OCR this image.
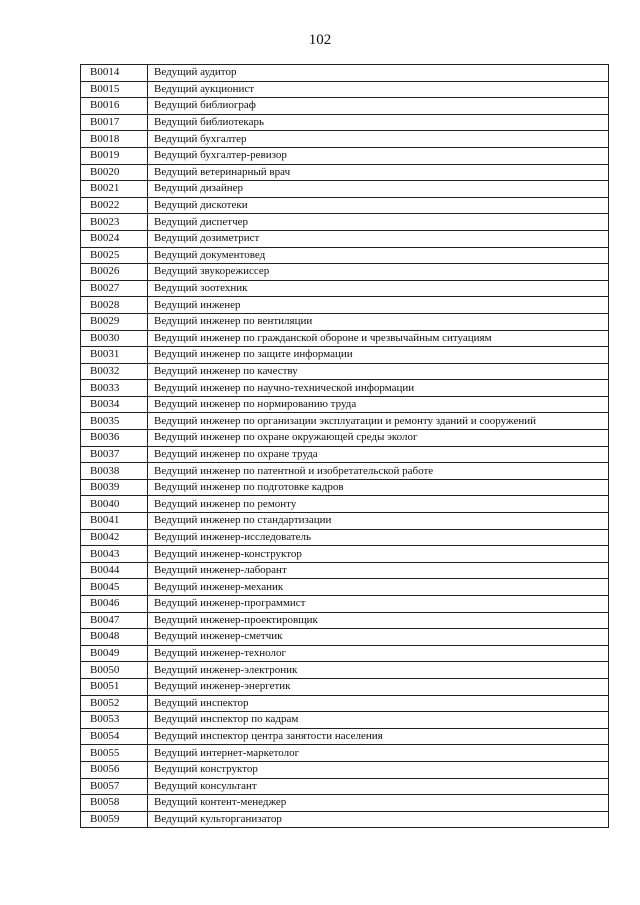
102
B0014	Ведущий аудитор
B0015	Ведущий аукционист
B0016	Ведущий библиограф
B0017	Ведущий библиотекарь
B0018	Ведущий бухгалтер
B0019	Ведущий бухгалтер-ревизор
B0020	Ведущий ветеринарный врач
B0021	Ведущий дизайнер
B0022	Ведущий дискотеки
B0023	Ведущий диспетчер
B0024	Ведущий дозиметрист
B0025	Ведущий документовед
B0026	Ведущий звукорежиссер
B0027	Ведущий зоотехник
B0028	Ведущий инженер
B0029	Ведущий инженер по вентиляции
B0030	Ведущий инженер по гражданской обороне и чрезвычайным ситуациям
B0031	Ведущий инженер по защите информации
B0032	Ведущий инженер по качеству
B0033	Ведущий инженер по научно-технической информации
B0034	Ведущий инженер по нормированию труда
B0035	Ведущий инженер по организации эксплуатации и ремонту зданий и сооружений
B0036	Ведущий инженер по охране окружающей среды эколог
B0037	Ведущий инженер по охране труда
B0038	Ведущий инженер по патентной и изобретательской работе
B0039	Ведущий инженер по подготовке кадров
B0040	Ведущий инженер по ремонту
B0041	Ведущий инженер по стандартизации
B0042	Ведущий инженер-исследователь
B0043	Ведущий инженер-конструктор
B0044	Ведущий инженер-лаборант
B0045	Ведущий инженер-механик
B0046	Ведущий инженер-программист
B0047	Ведущий инженер-проектировщик
B0048	Ведущий инженер-сметчик
B0049	Ведущий инженер-технолог
B0050	Ведущий инженер-электроник
B0051	Ведущий инженер-энергетик
B0052	Ведущий инспектор
B0053	Ведущий инспектор по кадрам
B0054	Ведущий инспектор центра занятости населения
B0055	Ведущий интернет-маркетолог
B0056	Ведущий конструктор
B0057	Ведущий консультант
B0058	Ведущий контент-менеджер
B0059	Ведущий культорганизатор
